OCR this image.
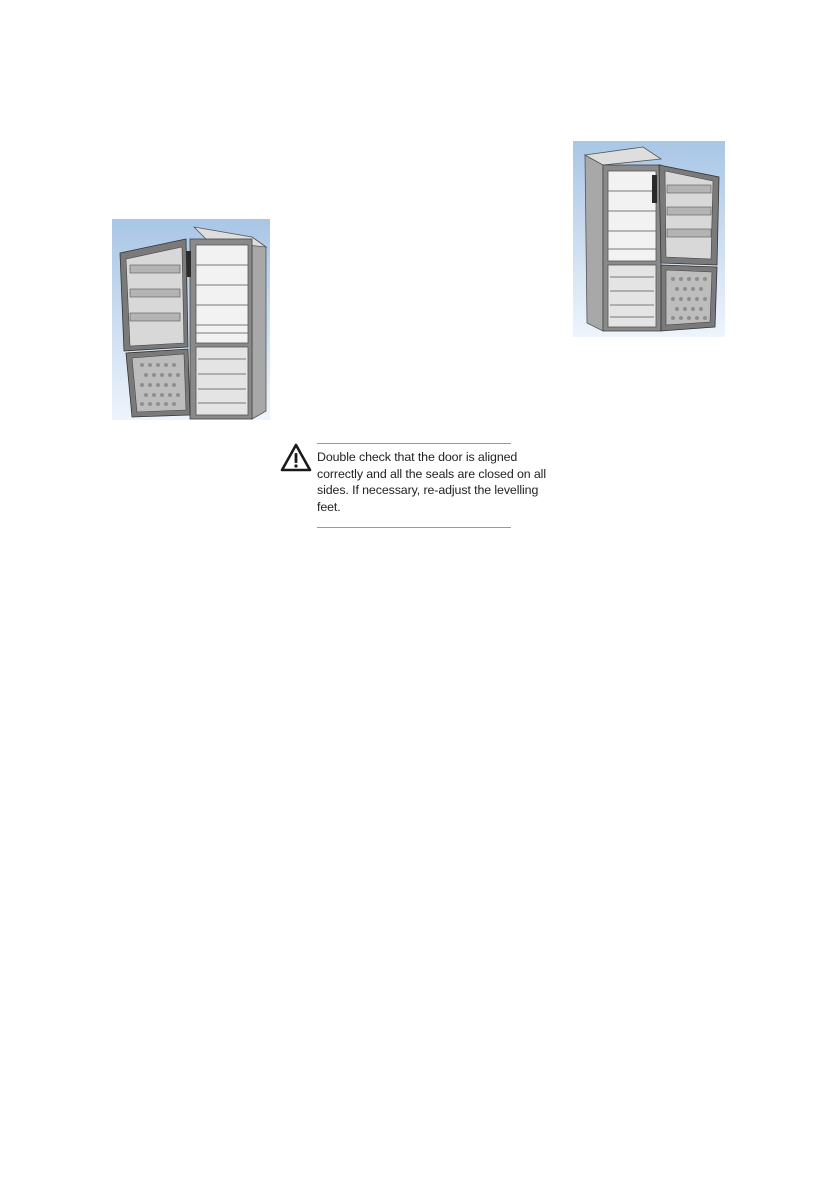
Double check that the door is aligned
correctly and all the seals are closed on all
sides. If necessary, re-adjust the levelling
feet.
